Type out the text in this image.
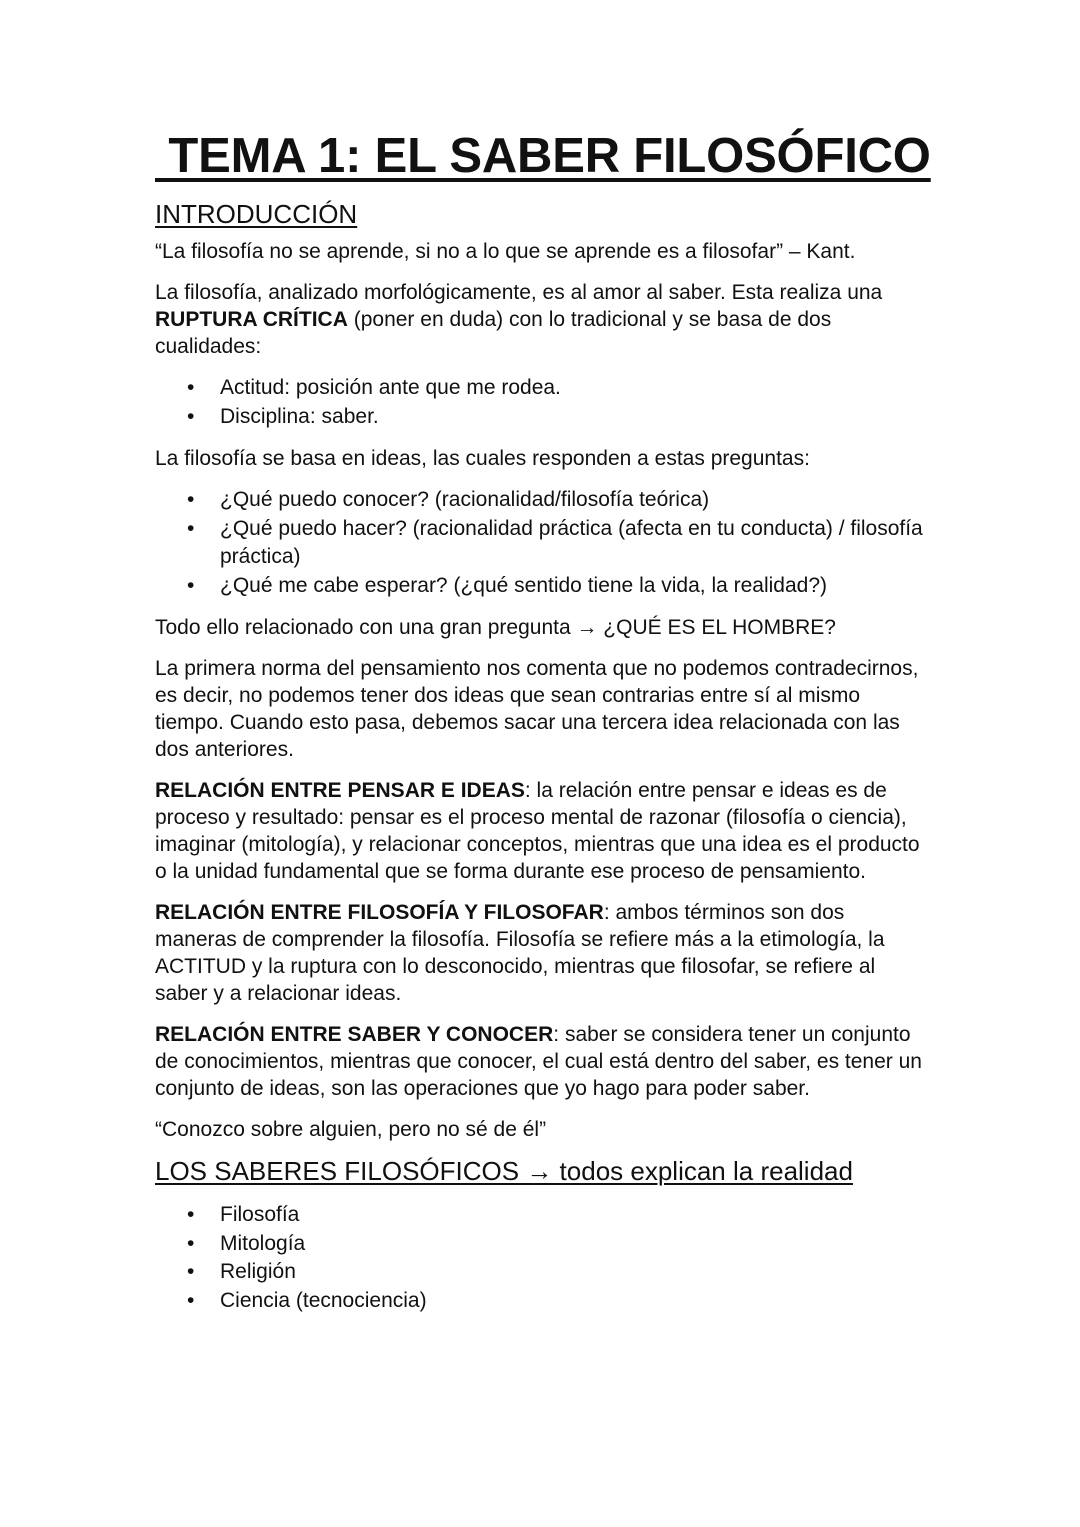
TEMA 1: EL SABER FILOSÓFICO
INTRODUCCIÓN

“La filosofía no se aprende, si no a lo que se aprende es a filosofar” – Kant.

La filosofía, analizado morfológicamente, es al amor al saber. Esta realiza una RUPTURA CRÍTICA (poner en duda) con lo tradicional y se basa de dos cualidades:

• Actitud: posición ante que me rodea.
• Disciplina: saber.

La filosofía se basa en ideas, las cuales responden a estas preguntas:

• ¿Qué puedo conocer? (racionalidad/filosofía teórica)
• ¿Qué puedo hacer? (racionalidad práctica (afecta en tu conducta) / filosofía práctica)
• ¿Qué me cabe esperar? (¿qué sentido tiene la vida, la realidad?)

Todo ello relacionado con una gran pregunta → ¿QUÉ ES EL HOMBRE?

La primera norma del pensamiento nos comenta que no podemos contradecirnos, es decir, no podemos tener dos ideas que sean contrarias entre sí al mismo tiempo. Cuando esto pasa, debemos sacar una tercera idea relacionada con las dos anteriores.

RELACIÓN ENTRE PENSAR E IDEAS: la relación entre pensar e ideas es de proceso y resultado: pensar es el proceso mental de razonar (filosofía o ciencia), imaginar (mitología), y relacionar conceptos, mientras que una idea es el producto o la unidad fundamental que se forma durante ese proceso de pensamiento.

RELACIÓN ENTRE FILOSOFÍA Y FILOSOFAR: ambos términos son dos maneras de comprender la filosofía. Filosofía se refiere más a la etimología, la ACTITUD y la ruptura con lo desconocido, mientras que filosofar, se refiere al saber y a relacionar ideas.

RELACIÓN ENTRE SABER Y CONOCER: saber se considera tener un conjunto de conocimientos, mientras que conocer, el cual está dentro del saber, es tener un conjunto de ideas, son las operaciones que yo hago para poder saber.

“Conozco sobre alguien, pero no sé de él”

LOS SABERES FILOSÓFICOS → todos explican la realidad
• Filosofía
• Mitología
• Religión
• Ciencia (tecnociencia)
